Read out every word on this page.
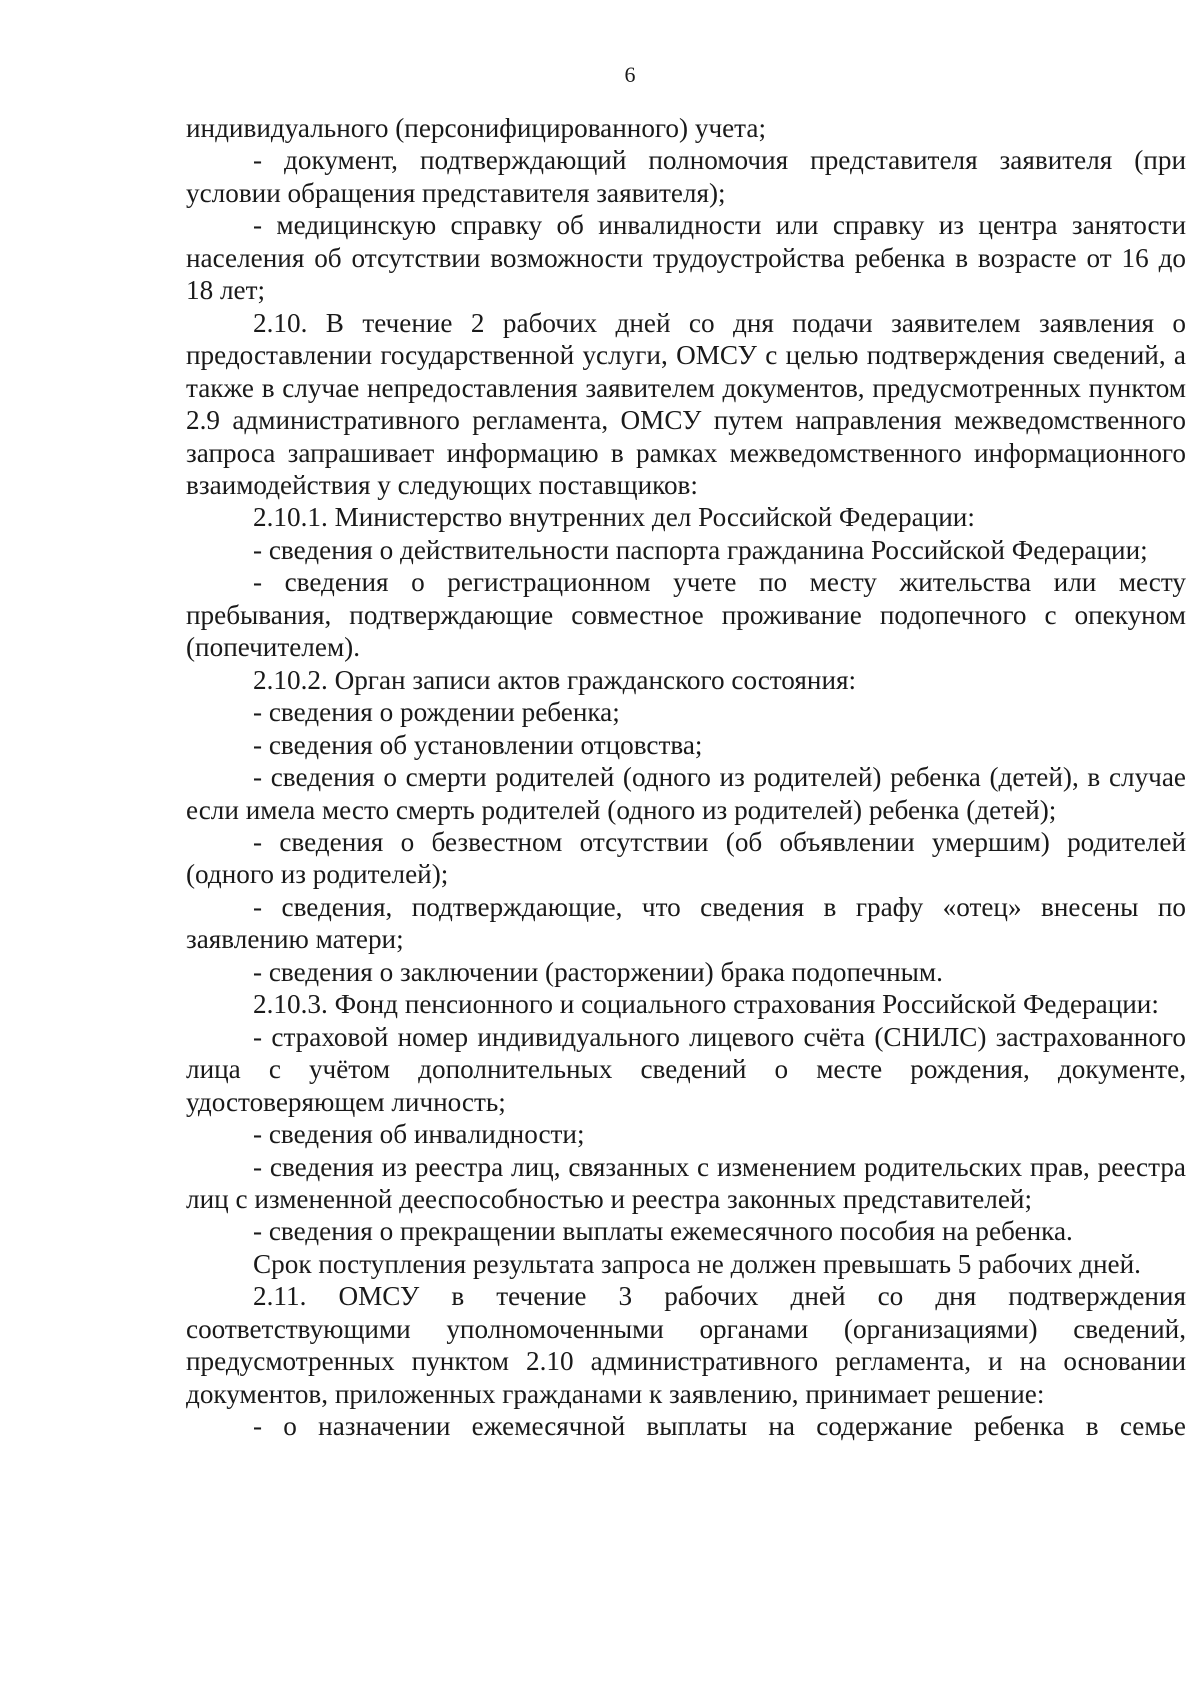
6

индивидуального (персонифицированного) учета;

- документ, подтверждающий полномочия представителя заявителя (при условии обращения представителя заявителя);

- медицинскую справку об инвалидности или справку из центра занятости населения об отсутствии возможности трудоустройства ребенка в возрасте от 16 до 18 лет;

2.10. В течение 2 рабочих дней со дня подачи заявителем заявления о предоставлении государственной услуги, ОМСУ с целью подтверждения сведений, а также в случае непредоставления заявителем документов, предусмотренных пунктом 2.9 административного регламента, ОМСУ путем направления межведомственного запроса запрашивает информацию в рамках межведомственного информационного взаимодействия у следующих поставщиков:

2.10.1. Министерство внутренних дел Российской Федерации:

- сведения о действительности паспорта гражданина Российской Федерации;

- сведения о регистрационном учете по месту жительства или месту пребывания, подтверждающие совместное проживание подопечного с опекуном (попечителем).

2.10.2. Орган записи актов гражданского состояния:

- сведения о рождении ребенка;

- сведения об установлении отцовства;

- сведения о смерти родителей (одного из родителей) ребенка (детей), в случае если имела место смерть родителей (одного из родителей) ребенка (детей);

- сведения о безвестном отсутствии (об объявлении умершим) родителей (одного из родителей);

- сведения, подтверждающие, что сведения в графу «отец» внесены по заявлению матери;

- сведения о заключении (расторжении) брака подопечным.

2.10.3. Фонд пенсионного и социального страхования Российской Федерации:

- страховой номер индивидуального лицевого счёта (СНИЛС) застрахованного лица с учётом дополнительных сведений о месте рождения, документе, удостоверяющем личность;

- сведения об инвалидности;

- сведения из реестра лиц, связанных с изменением родительских прав, реестра лиц с измененной дееспособностью и реестра законных представителей;

- сведения о прекращении выплаты ежемесячного пособия на ребенка.

Срок поступления результата запроса не должен превышать 5 рабочих дней.

2.11. ОМСУ в течение 3 рабочих дней со дня подтверждения соответствующими уполномоченными органами (организациями) сведений, предусмотренных пунктом 2.10 административного регламента, и на основании документов, приложенных гражданами к заявлению, принимает решение:

- о назначении ежемесячной выплаты на содержание ребенка в семье
